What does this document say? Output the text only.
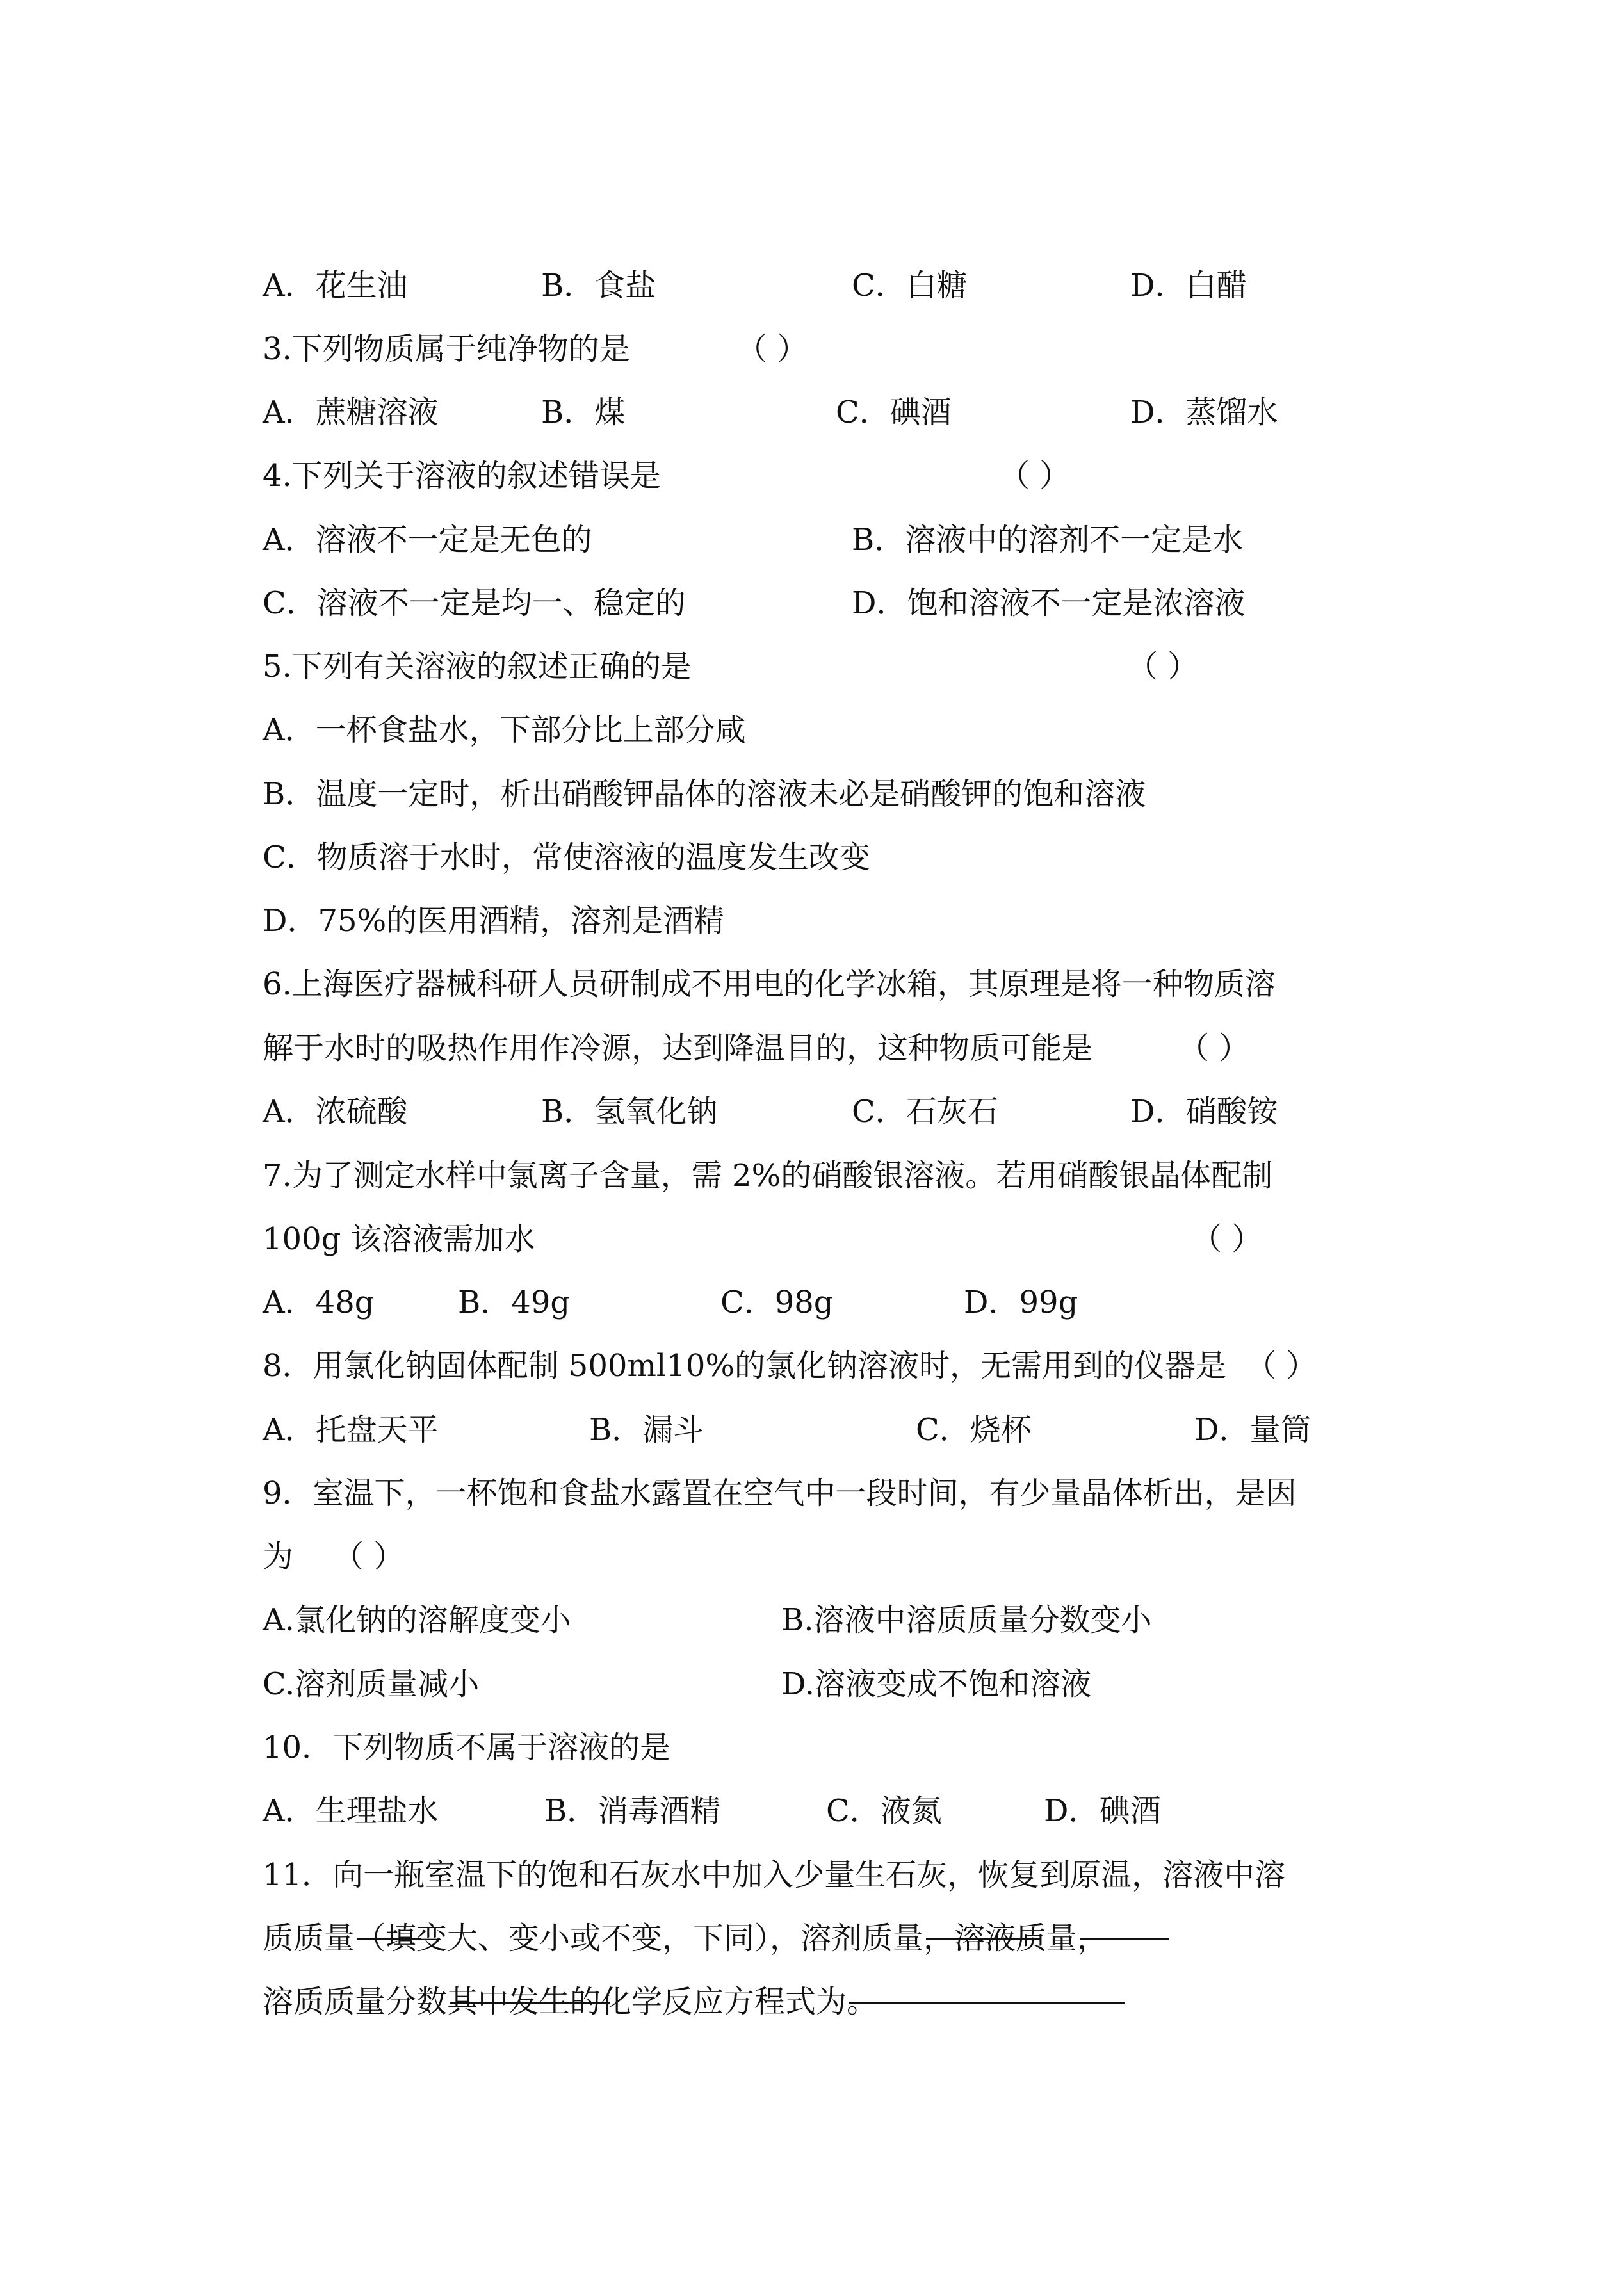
A．花生油	B．食盐	C．白糖	D．白醋
3.下列物质属于纯净物的是	（ ）
A．蔗糖溶液	B．煤	C．碘酒	D．蒸馏水
4.下列关于溶液的叙述错误是	（ ）
A．溶液不一定是无色的	B．溶液中的溶剂不一定是水
C．溶液不一定是均一、稳定的	D．饱和溶液不一定是浓溶液
5.下列有关溶液的叙述正确的是	（ ）
A．一杯食盐水，下部分比上部分咸
B．温度一定时，析出硝酸钾晶体的溶液未必是硝酸钾的饱和溶液
C．物质溶于水时，常使溶液的温度发生改变
D．75%的医用酒精，溶剂是酒精
6.上海医疗器械科研人员研制成不用电的化学冰箱，其原理是将一种物质溶
解于水时的吸热作用作冷源，达到降温目的，这种物质可能是	（ ）
A．浓硫酸	B．氢氧化钠	C．石灰石	D．硝酸铵
7.为了测定水样中氯离子含量，需 2%的硝酸银溶液。若用硝酸银晶体配制
100g 该溶液需加水	（ ）
A．48g	B．49g	C．98g	D．99g
8．用氯化钠固体配制 500ml10%的氯化钠溶液时，无需用到的仪器是 （ ）
A．托盘天平	B．漏斗	C．烧杯	D．量筒
9．室温下，一杯饱和食盐水露置在空气中一段时间，有少量晶体析出，是因
为 （ ）
A.氯化钠的溶解度变小	B.溶液中溶质质量分数变小
C.溶剂质量减小	D.溶液变成不饱和溶液
10．下列物质不属于溶液的是
A．生理盐水	B．消毒酒精	C．液氮	D．碘酒
11．向一瓶室温下的饱和石灰水中加入少量生石灰，恢复到原温，溶液中溶
质质量
（填变大、变小或不变，下同），溶剂质量
，溶液质量
，
溶质质量分数
其中发生的化学反应方程式为
。
